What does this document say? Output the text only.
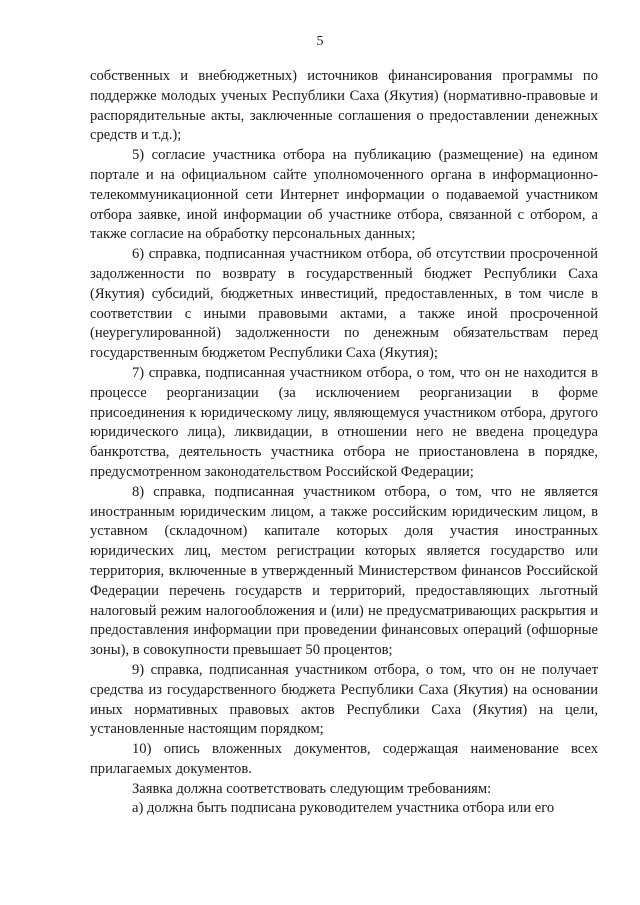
5

собственных и внебюджетных) источников финансирования программы по поддержке молодых ученых Республики Саха (Якутия) (нормативно-правовые и распорядительные акты, заключенные соглашения о предоставлении денежных средств и т.д.);

5) согласие участника отбора на публикацию (размещение) на едином портале и на официальном сайте уполномоченного органа в информационно-телекоммуникационной сети Интернет информации о подаваемой участником отбора заявке, иной информации об участнике отбора, связанной с отбором, а также согласие на обработку персональных данных;

6) справка, подписанная участником отбора, об отсутствии просроченной задолженности по возврату в государственный бюджет Республики Саха (Якутия) субсидий, бюджетных инвестиций, предоставленных, в том числе в соответствии с иными правовыми актами, а также иной просроченной (неурегулированной) задолженности по денежным обязательствам перед государственным бюджетом Республики Саха (Якутия);

7) справка, подписанная участником отбора, о том, что он не находится в процессе реорганизации (за исключением реорганизации в форме присоединения к юридическому лицу, являющемуся участником отбора, другого юридического лица), ликвидации, в отношении него не введена процедура банкротства, деятельность участника отбора не приостановлена в порядке, предусмотренном законодательством Российской Федерации;

8) справка, подписанная участником отбора, о том, что не является иностранным юридическим лицом, а также российским юридическим лицом, в уставном (складочном) капитале которых доля участия иностранных юридических лиц, местом регистрации которых является государство или территория, включенные в утвержденный Министерством финансов Российской Федерации перечень государств и территорий, предоставляющих льготный налоговый режим налогообложения и (или) не предусматривающих раскрытия и предоставления информации при проведении финансовых операций (офшорные зоны), в совокупности превышает 50 процентов;

9) справка, подписанная участником отбора, о том, что он не получает средства из государственного бюджета Республики Саха (Якутия) на основании иных нормативных правовых актов Республики Саха (Якутия) на цели, установленные настоящим порядком;

10) опись вложенных документов, содержащая наименование всех прилагаемых документов.

Заявка должна соответствовать следующим требованиям:

а) должна быть подписана руководителем участника отбора или его
